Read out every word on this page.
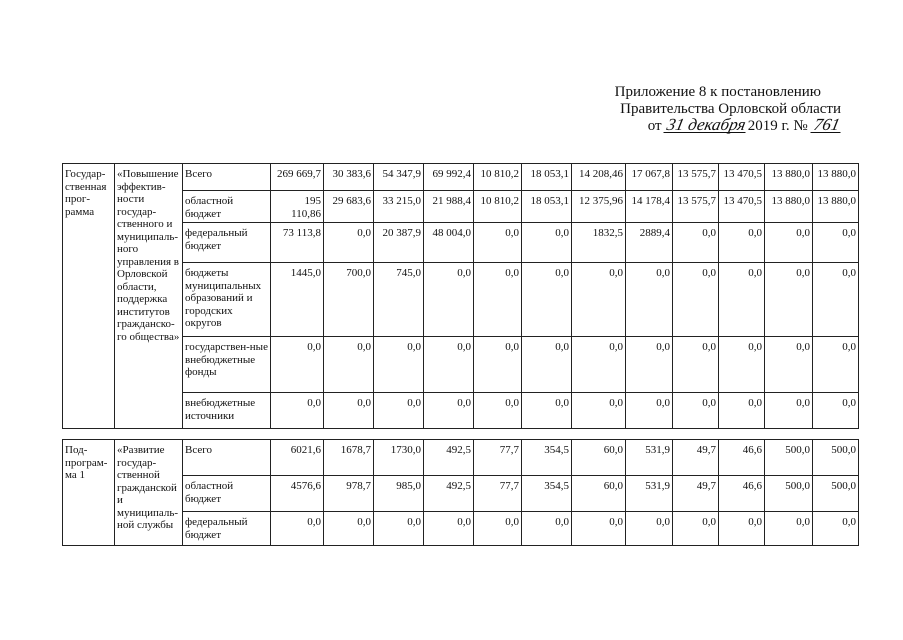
Приложение 8 к постановлению
Правительства Орловской области
от 31 декабря2019 г. № 761
Государ-ственная прог-рамма	«Повышение эффектив-ности государ-ственного и муниципаль-ного управления в Орловской области, поддержка институтов гражданско-го общества»	Всего	269 669,7	30 383,6	54 347,9	69 992,4	10 810,2	18 053,1	14 208,46	17 067,8	13 575,7	13 470,5	13 880,0	13 880,0
		областной бюджет	195 110,86	29 683,6	33 215,0	21 988,4	10 810,2	18 053,1	12 375,96	14 178,4	13 575,7	13 470,5	13 880,0	13 880,0
		федеральный бюджет	73 113,8	0,0	20 387,9	48 004,0	0,0	0,0	1832,5	2889,4	0,0	0,0	0,0	0,0
		бюджеты муниципальных образований и городских округов	1445,0	700,0	745,0	0,0	0,0	0,0	0,0	0,0	0,0	0,0	0,0	0,0
		государствен-ные внебюджетные фонды	0,0	0,0	0,0	0,0	0,0	0,0	0,0	0,0	0,0	0,0	0,0	0,0
		внебюджетные источники	0,0	0,0	0,0	0,0	0,0	0,0	0,0	0,0	0,0	0,0	0,0	0,0

Под-програм-ма 1	«Развитие государ-ственной гражданской и муниципаль-ной службы	Всего	6021,6	1678,7	1730,0	492,5	77,7	354,5	60,0	531,9	49,7	46,6	500,0	500,0
		областной бюджет	4576,6	978,7	985,0	492,5	77,7	354,5	60,0	531,9	49,7	46,6	500,0	500,0
		федеральный бюджет	0,0	0,0	0,0	0,0	0,0	0,0	0,0	0,0	0,0	0,0	0,0	0,0
